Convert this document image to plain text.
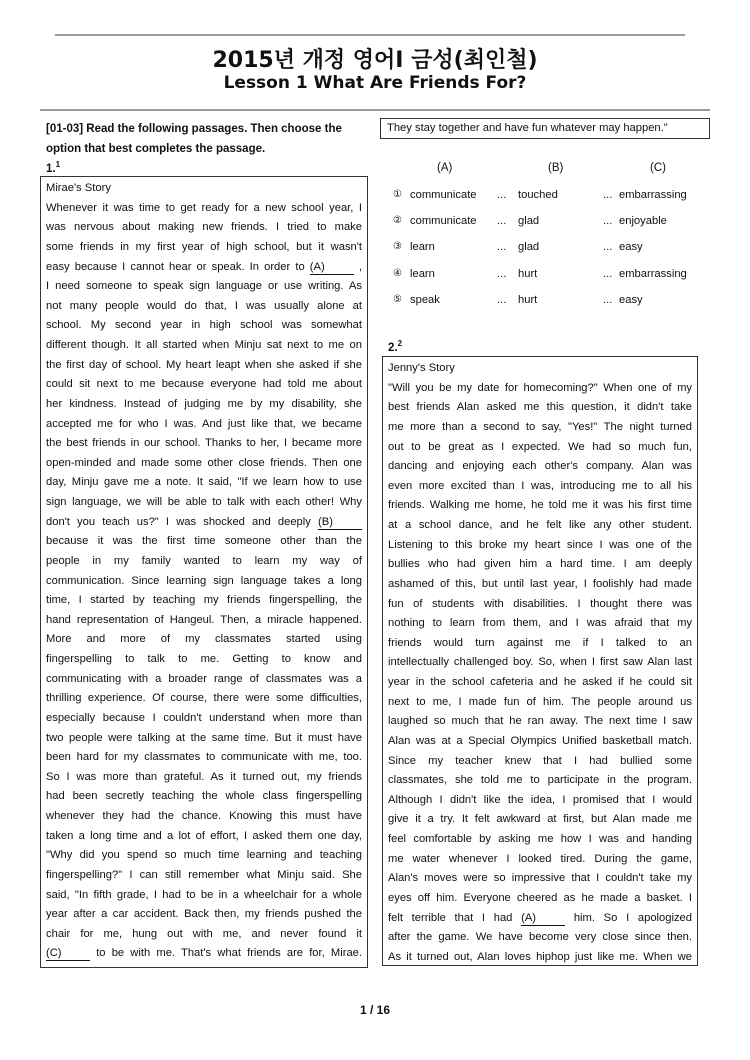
2015년 개정 영어I 금성(최인철)
Lesson 1 What Are Friends For?
[01-03] Read the following passages. Then choose the option that best completes the passage.
1.$^1$
Mirae's Story
Whenever it was time to get ready for a new school year, I
was nervous about making new friends. I tried to make
some friends in my first year of high school, but it wasn't
easy because I cannot hear or speak. In order to (A)	,
I need someone to speak sign language or use writing. As
not many people would do that, I was usually alone at
school. My second year in high school was somewhat
different though. It all started when Minju sat next to me on
the first day of school. My heart leapt when she asked if she
could sit next to me because everyone had told me about
her kindness. Instead of judging me by my disability, she
accepted me for who I was. And just like that, we became
the best friends in our school. Thanks to her, I became more
open-minded and made some other close friends. Then one
day, Minju gave me a note. It said, "If we learn how to use
sign language, we will be able to talk with each other! Why
don't you teach us?" I was shocked and deeply (B)
because it was the first time someone other than the
people in my family wanted to learn my way of
communication. Since learning sign language takes a long
time, I started by teaching my friends fingerspelling, the
hand representation of Hangeul. Then, a miracle happened.
More and more of my classmates started using
fingerspelling to talk to me. Getting to know and
communicating with a broader range of classmates was a
thrilling experience. Of course, there were some difficulties,
especially because I couldn't understand when more than
two people were talking at the same time. But it must have
been hard for my classmates to communicate with me, too.
So I was more than grateful. As it turned out, my friends
had been secretly teaching the whole class fingerspelling
whenever they had the chance. Knowing this must have
taken a long time and a lot of effort, I asked them one day,
"Why did you spend so much time learning and teaching
fingerspelling?" I can still remember what Minju said. She
said, "In fifth grade, I had to be in a wheelchair for a whole
year after a car accident. Back then, my friends pushed the
chair for me, hung out with me, and never found it
(C)	to be with me. That's what friends are for, Mirae.
They stay together and have fun whatever may happen."
(A)	(B)	(C)
① communicate ... touched	... embarrassing
② communicate ... glad	... enjoyable
③ learn	... glad	... easy
④ learn	... hurt	... embarrassing
⑤ speak	... hurt	... easy
2.$^2$
Jenny's Story
"Will you be my date for homecoming?" When one of my
best friends Alan asked me this question, it didn't take
me more than a second to say, "Yes!" The night turned
out to be great as I expected. We had so much fun,
dancing and enjoying each other's company. Alan was
even more excited than I was, introducing me to all his
friends. Walking me home, he told me it was his first time
at a school dance, and he felt like any other student.
Listening to this broke my heart since I was one of the
bullies who had given him a hard time. I am deeply
ashamed of this, but until last year, I foolishly had made
fun of students with disabilities. I thought there was
nothing to learn from them, and I was afraid that my
friends would turn against me if I talked to an
intellectually challenged boy. So, when I first saw Alan last
year in the school cafeteria and he asked if he could sit
next to me, I made fun of him. The people around us
laughed so much that he ran away. The next time I saw
Alan was at a Special Olympics Unified basketball match.
Since my teacher knew that I had bullied some
classmates, she told me to participate in the program.
Although I didn't like the idea, I promised that I would
give it a try. It felt awkward at first, but Alan made me
feel comfortable by asking me how I was and handing
me water whenever I looked tired. During the game,
Alan's moves were so impressive that I couldn't take my
eyes off him. Everyone cheered as he made a basket. I
felt terrible that I had (A)	him. So I apologized
after the game. We have become very close since then.
As it turned out, Alan loves hiphop just like me. When we
1 / 16
